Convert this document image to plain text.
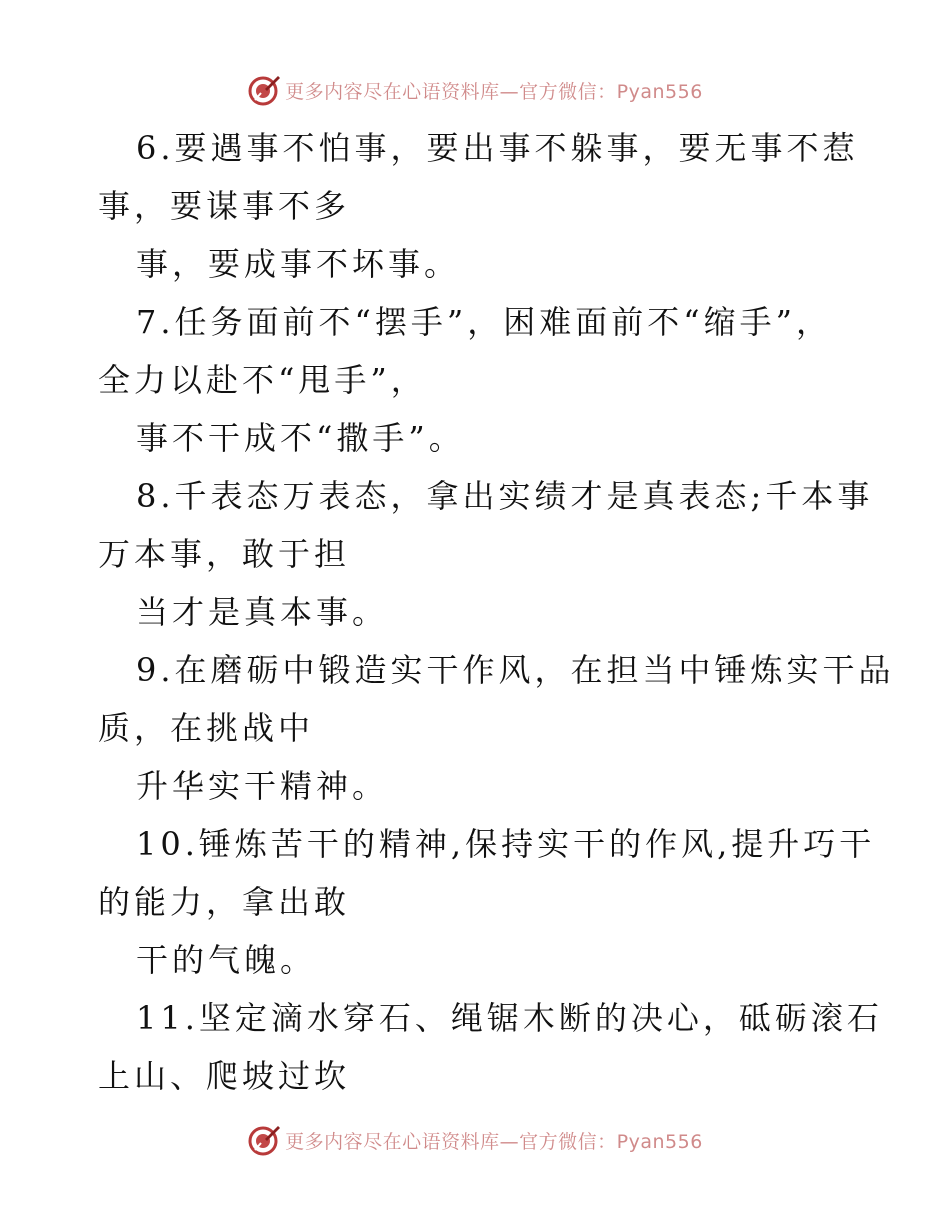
更多内容尽在心语资料库—官方微信：Pyan556
6.要遇事不怕事，要出事不躲事，要无事不惹
事，要谋事不多
事，要成事不坏事。
7.任务面前不“摆手”，困难面前不“缩手”，
全力以赴不“甩手”，
事不干成不“撒手”。
8.千表态万表态，拿出实绩才是真表态;千本事
万本事，敢于担
当才是真本事。
9.在磨砺中锻造实干作风，在担当中锤炼实干品
质，在挑战中
升华实干精神。
10.锤炼苦干的精神,保持实干的作风,提升巧干
的能力，拿出敢
干的气魄。
11.坚定滴水穿石、绳锯木断的决心，砥砺滚石
上山、爬坡过坎
更多内容尽在心语资料库—官方微信：Pyan556
